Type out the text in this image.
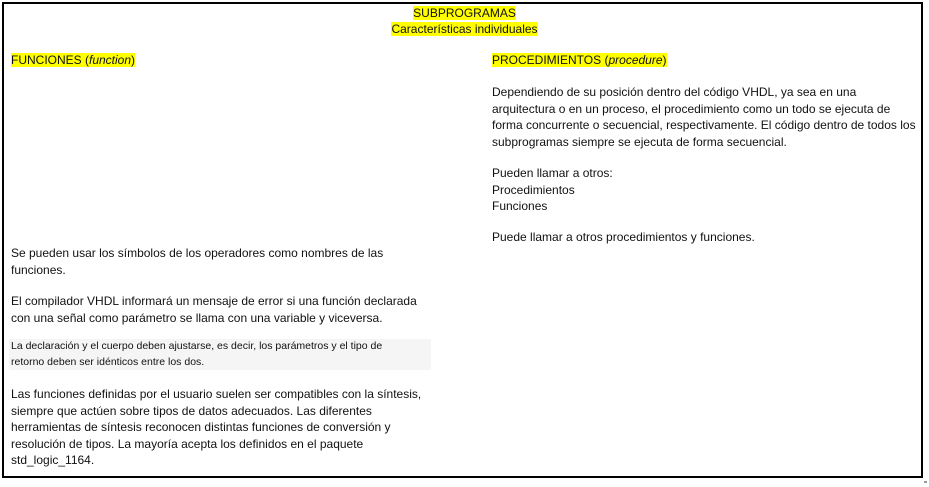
SUBPROGRAMAS
Características individuales
FUNCIONES (function)	PROCEDIMIENTOS (procedure)
Se pueden usar los símbolos de los operadores como nombres de las
funciones.
El compilador VHDL informará un mensaje de error si una función declarada
con una señal como parámetro se llama con una variable y viceversa.
La declaración y el cuerpo deben ajustarse, es decir, los parámetros y el tipo de
retorno deben ser idénticos entre los dos.
Las funciones definidas por el usuario suelen ser compatibles con la síntesis,
siempre que actúen sobre tipos de datos adecuados. Las diferentes
herramientas de síntesis reconocen distintas funciones de conversión y
resolución de tipos. La mayoría acepta los definidos en el paquete
std_logic_1164.
Dependiendo de su posición dentro del código VHDL, ya sea en una
arquitectura o en un proceso, el procedimiento como un todo se ejecuta de
forma concurrente o secuencial, respectivamente. El código dentro de todos los
subprogramas siempre se ejecuta de forma secuencial.
Pueden llamar a otros:
Procedimientos
Funciones
Puede llamar a otros procedimientos y funciones.
